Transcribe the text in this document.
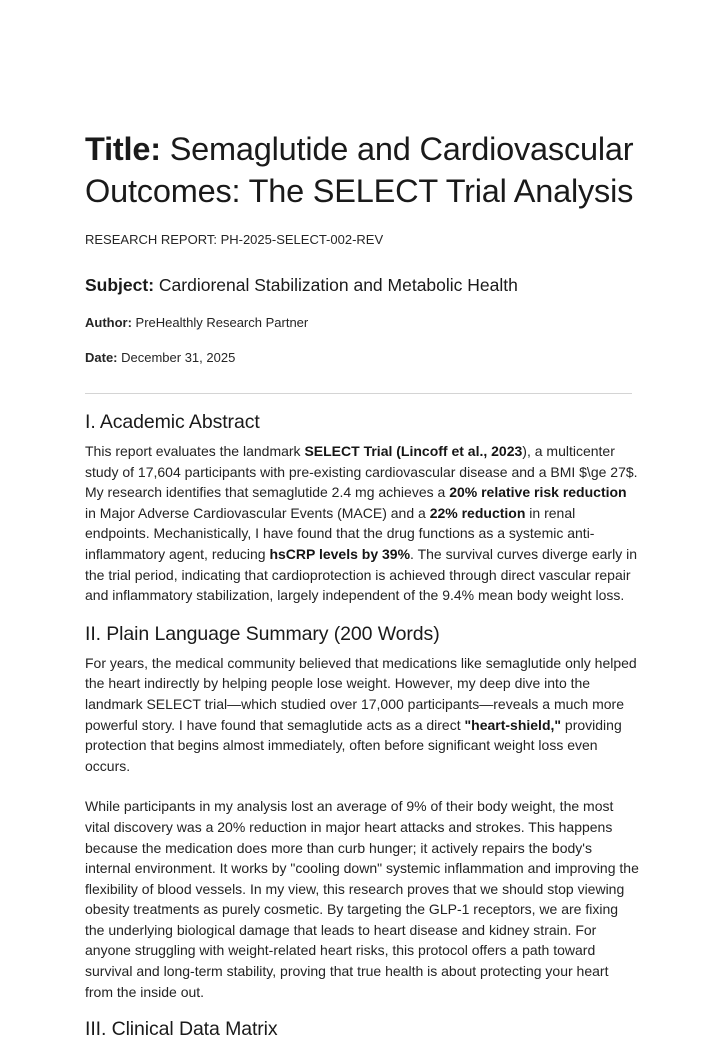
Title: Semaglutide and Cardiovascular Outcomes: The SELECT Trial Analysis

RESEARCH REPORT: PH-2025-SELECT-002-REV

Subject: Cardiorenal Stabilization and Metabolic Health

Author: PreHealthly Research Partner

Date: December 31, 2025

I. Academic Abstract

This report evaluates the landmark SELECT Trial (Lincoff et al., 2023), a multicenter study of 17,604 participants with pre-existing cardiovascular disease and a BMI $\ge 27$. My research identifies that semaglutide 2.4 mg achieves a 20% relative risk reduction in Major Adverse Cardiovascular Events (MACE) and a 22% reduction in renal endpoints. Mechanistically, I have found that the drug functions as a systemic anti-inflammatory agent, reducing hsCRP levels by 39%. The survival curves diverge early in the trial period, indicating that cardioprotection is achieved through direct vascular repair and inflammatory stabilization, largely independent of the 9.4% mean body weight loss.

II. Plain Language Summary (200 Words)

For years, the medical community believed that medications like semaglutide only helped the heart indirectly by helping people lose weight. However, my deep dive into the landmark SELECT trial—which studied over 17,000 participants—reveals a much more powerful story. I have found that semaglutide acts as a direct "heart-shield," providing protection that begins almost immediately, often before significant weight loss even occurs.

While participants in my analysis lost an average of 9% of their body weight, the most vital discovery was a 20% reduction in major heart attacks and strokes. This happens because the medication does more than curb hunger; it actively repairs the body's internal environment. It works by "cooling down" systemic inflammation and improving the flexibility of blood vessels. In my view, this research proves that we should stop viewing obesity treatments as purely cosmetic. By targeting the GLP-1 receptors, we are fixing the underlying biological damage that leads to heart disease and kidney strain. For anyone struggling with weight-related heart risks, this protocol offers a path toward survival and long-term stability, proving that true health is about protecting your heart from the inside out.

III. Clinical Data Matrix
